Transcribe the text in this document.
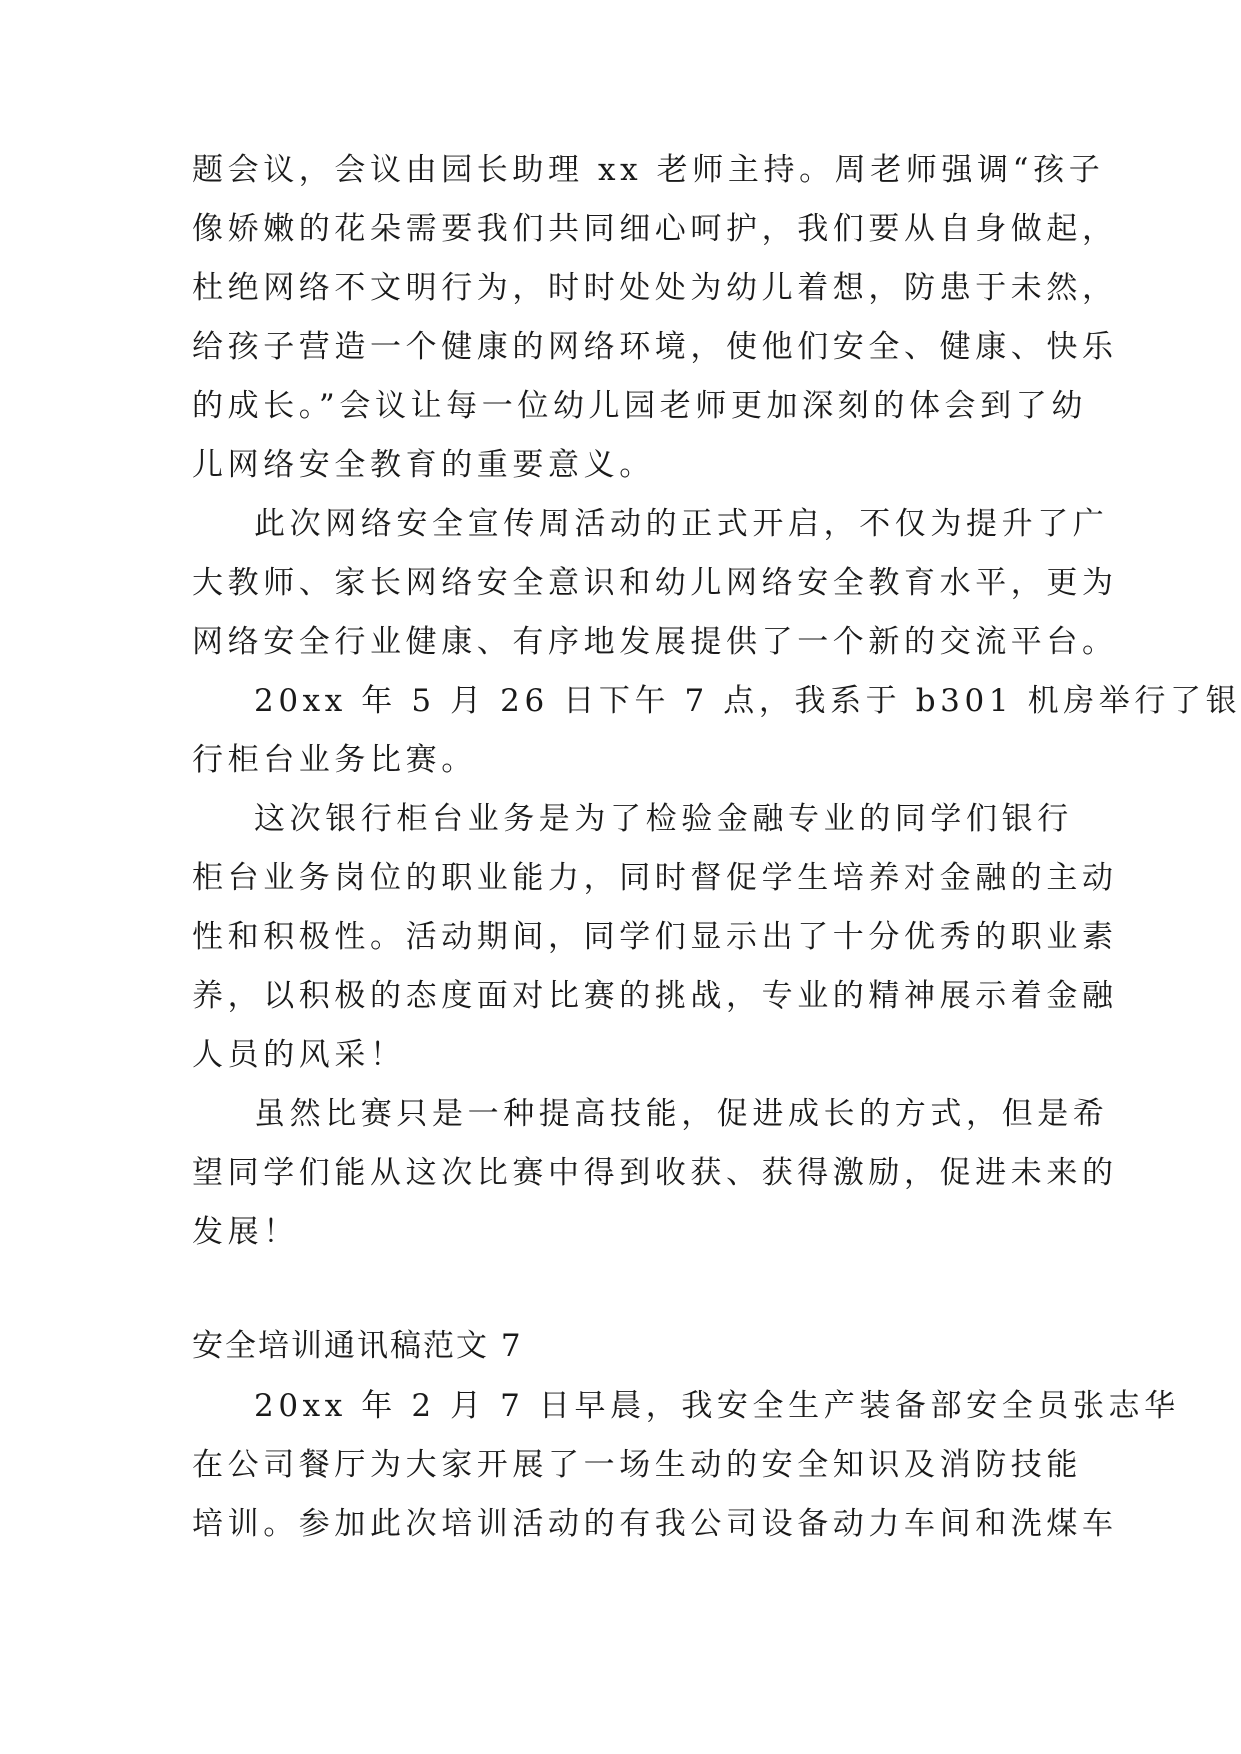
题会议，会议由园长助理 xx 老师主持。周老师强调“孩子
像娇嫩的花朵需要我们共同细心呵护，我们要从自身做起，
杜绝网络不文明行为，时时处处为幼儿着想，防患于未然，
给孩子营造一个健康的网络环境，使他们安全、健康、快乐
的成长。”会议让每一位幼儿园老师更加深刻的体会到了幼
儿网络安全教育的重要意义。
此次网络安全宣传周活动的正式开启，不仅为提升了广
大教师、家长网络安全意识和幼儿网络安全教育水平，更为
网络安全行业健康、有序地发展提供了一个新的交流平台。
20xx 年 5 月 26 日下午 7 点，我系于 b301 机房举行了银
行柜台业务比赛。
这次银行柜台业务是为了检验金融专业的同学们银行
柜台业务岗位的职业能力，同时督促学生培养对金融的主动
性和积极性。活动期间，同学们显示出了十分优秀的职业素
养，以积极的态度面对比赛的挑战，专业的精神展示着金融
人员的风采！
虽然比赛只是一种提高技能，促进成长的方式，但是希
望同学们能从这次比赛中得到收获、获得激励，促进未来的
发展！
安全培训通讯稿范文 7
20xx 年 2 月 7 日早晨，我安全生产装备部安全员张志华
在公司餐厅为大家开展了一场生动的安全知识及消防技能
培训。参加此次培训活动的有我公司设备动力车间和洗煤车
